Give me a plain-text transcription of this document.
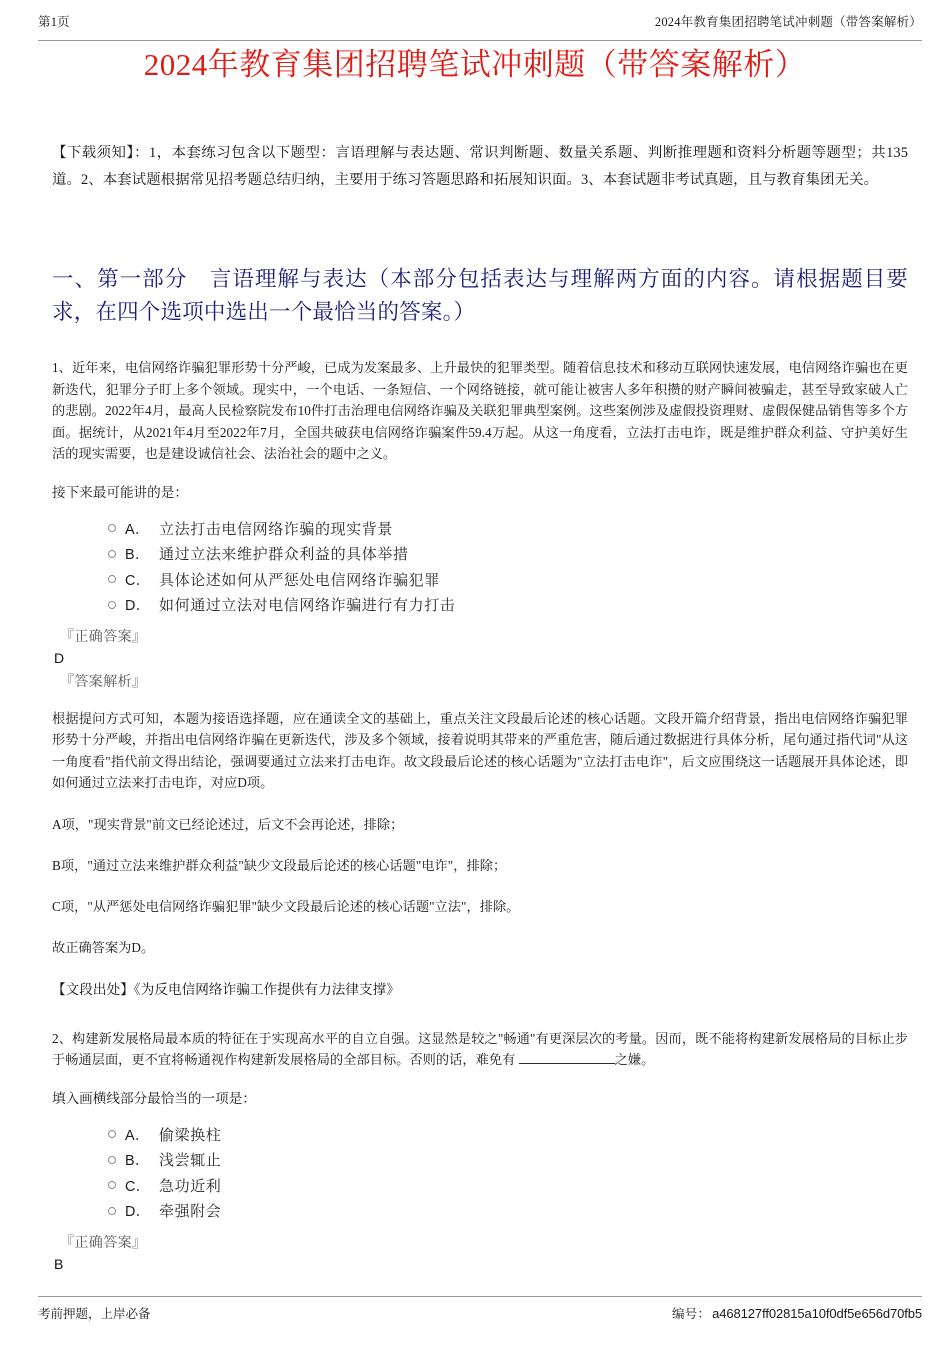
第1页	2024年教育集团招聘笔试冲刺题（带答案解析）
2024年教育集团招聘笔试冲刺题（带答案解析）

【下载须知】：1，本套练习包含以下题型：言语理解与表达题、常识判断题、数量关系题、判断推理题和资料分析题等题型；共135道。2、本套试题根据常见招考题总结归纳，主要用于练习答题思路和拓展知识面。3、本套试题非考试真题，且与教育集团无关。

一、第一部分　言语理解与表达（本部分包括表达与理解两方面的内容。请根据题目要求，在四个选项中选出一个最恰当的答案。）

1、近年来，电信网络诈骗犯罪形势十分严峻，已成为发案最多、上升最快的犯罪类型。随着信息技术和移动互联网快速发展，电信网络诈骗也在更新迭代，犯罪分子盯上多个领域。现实中，一个电话、一条短信、一个网络链接，就可能让被害人多年积攒的财产瞬间被骗走，甚至导致家破人亡的悲剧。2022年4月，最高人民检察院发布10件打击治理电信网络诈骗及关联犯罪典型案例。这些案例涉及虚假投资理财、虚假保健品销售等多个方面。据统计，从2021年4月至2022年7月，全国共破获电信网络诈骗案件59.4万起。从这一角度看，立法打击电诈，既是维护群众利益、守护美好生活的现实需要，也是建设诚信社会、法治社会的题中之义。

接下来最可能讲的是：

A． 立法打击电信网络诈骗的现实背景
B． 通过立法来维护群众利益的具体举措
C． 具体论述如何从严惩处电信网络诈骗犯罪
D． 如何通过立法对电信网络诈骗进行有力打击

『正确答案』

D

『答案解析』

根据提问方式可知，本题为接语选择题，应在通读全文的基础上，重点关注文段最后论述的核心话题。文段开篇介绍背景，指出电信网络诈骗犯罪形势十分严峻，并指出电信网络诈骗在更新迭代，涉及多个领域，接着说明其带来的严重危害，随后通过数据进行具体分析，尾句通过指代词"从这一角度看"指代前文得出结论，强调要通过立法来打击电诈。故文段最后论述的核心话题为"立法打击电诈"，后文应围绕这一话题展开具体论述，即如何通过立法来打击电诈，对应D项。

A项，"现实背景"前文已经论述过，后文不会再论述，排除；

B项，"通过立法来维护群众利益"缺少文段最后论述的核心话题"电诈"，排除；

C项，"从严惩处电信网络诈骗犯罪"缺少文段最后论述的核心话题"立法"，排除。

故正确答案为D。

【文段出处】《为反电信网络诈骗工作提供有力法律支撑》

2、构建新发展格局最本质的特征在于实现高水平的自立自强。这显然是较之"畅通"有更深层次的考量。因而，既不能将构建新发展格局的目标止步于畅通层面，更不宜将畅通视作构建新发展格局的全部目标。否则的话，难免有	之嫌。

填入画横线部分最恰当的一项是：

A． 偷梁换柱
B． 浅尝辄止
C． 急功近利
D． 牵强附会

『正确答案』

B

考前押题，上岸必备	编号： a468127ff02815a10f0df5e656d70fb5
